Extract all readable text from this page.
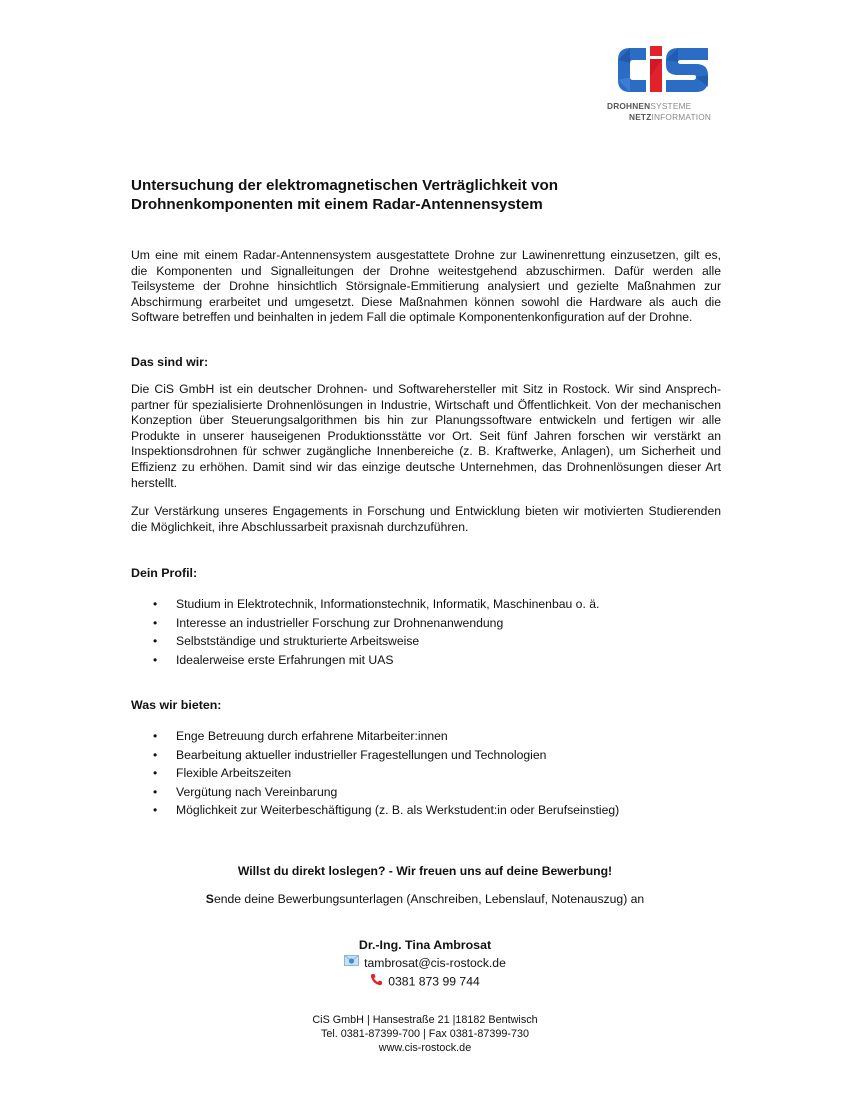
DROHNENSYSTEME
NETZINFORMATION
Untersuchung der elektromagnetischen Verträglichkeit von
Drohnenkomponenten mit einem Radar-Antennensystem

Um eine mit einem Radar-Antennensystem ausgestattete Drohne zur Lawinenrettung einzusetzen, gilt es, die Komponenten und Signalleitungen der Drohne weitestgehend abzuschirmen. Dafür werden alle Teilsysteme der Drohne hinsichtlich Störsignale-Emmitierung analysiert und gezielte Maßnahmen zur Abschirmung erarbeitet und umgesetzt. Diese Maßnahmen können sowohl die Hardware als auch die Software betreffen und beinhalten in jedem Fall die optimale Komponentenkonfiguration auf der Drohne.

Das sind wir:

Die CiS GmbH ist ein deutscher Drohnen- und Softwarehersteller mit Sitz in Rostock. Wir sind Ansprechpartner für spezialisierte Drohnenlösungen in Industrie, Wirtschaft und Öffentlichkeit. Von der mechanischen Konzeption über Steuerungsalgorithmen bis hin zur Planungssoftware entwickeln und fertigen wir alle Produkte in unserer hauseigenen Produktionsstätte vor Ort. Seit fünf Jahren forschen wir verstärkt an Inspektionsdrohnen für schwer zugängliche Innenbereiche (z. B. Kraftwerke, Anlagen), um Sicherheit und Effizienz zu erhöhen. Damit sind wir das einzige deutsche Unternehmen, das Drohnenlösungen dieser Art herstellt.

Zur Verstärkung unseres Engagements in Forschung und Entwicklung bieten wir motivierten Studierenden die Möglichkeit, ihre Abschlussarbeit praxisnah durchzuführen.

Dein Profil:
• Studium in Elektrotechnik, Informationstechnik, Informatik, Maschinenbau o. ä.
• Interesse an industrieller Forschung zur Drohnenanwendung
• Selbstständige und strukturierte Arbeitsweise
• Idealerweise erste Erfahrungen mit UAS
Was wir bieten:
• Enge Betreuung durch erfahrene Mitarbeiter:innen
• Bearbeitung aktueller industrieller Fragestellungen und Technologien
• Flexible Arbeitszeiten
• Vergütung nach Vereinbarung
• Möglichkeit zur Weiterbeschäftigung (z. B. als Werkstudent:in oder Berufseinstieg)

Willst du direkt loslegen? - Wir freuen uns auf deine Bewerbung!

Sende deine Bewerbungsunterlagen (Anschreiben, Lebenslauf, Notenauszug) an

Dr.-Ing. Tina Ambrosat

tambrosat@cis-rostock.de

0381 873 99 744

CiS GmbH | Hansestraße 21 |18182 Bentwisch

Tel. 0381-87399-700 | Fax 0381-87399-730

www.cis-rostock.de
